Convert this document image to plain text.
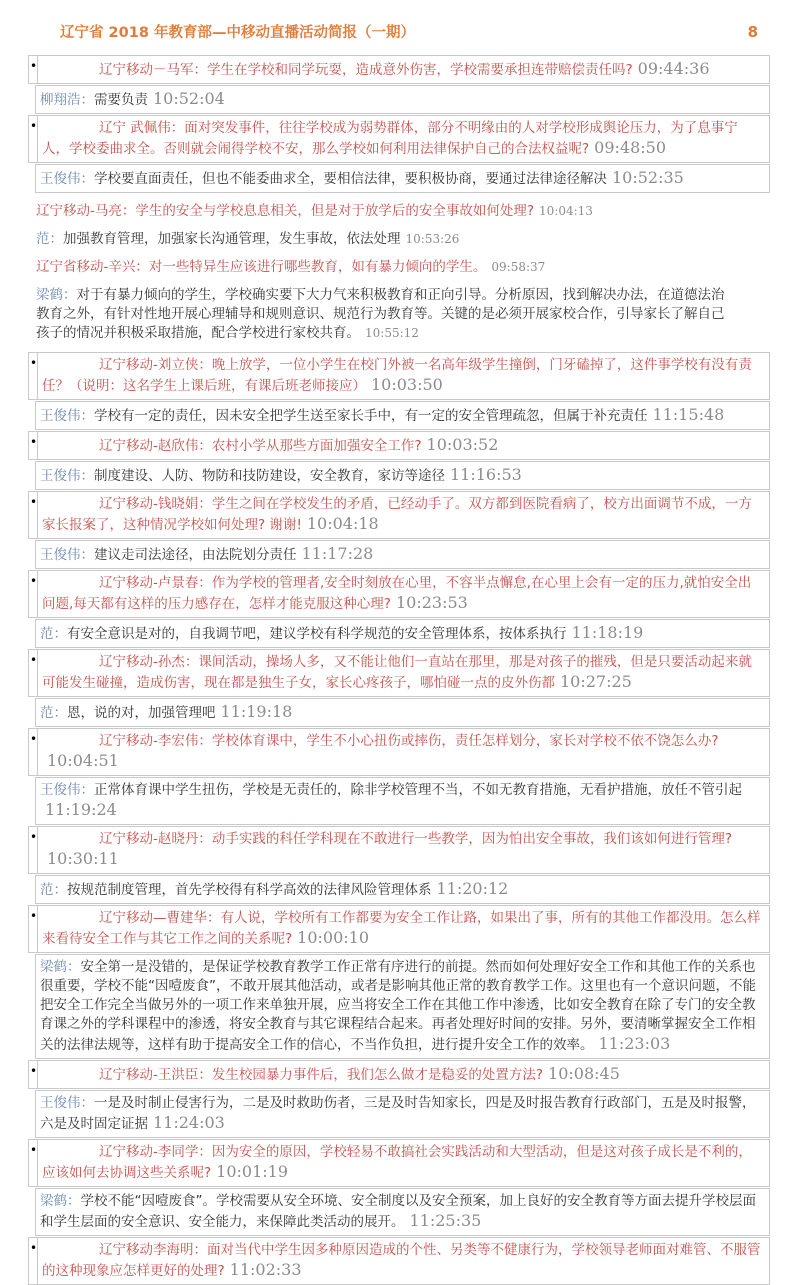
辽宁省 2018 年教育部—中移动直播活动简报（一期）	8
•	辽宁移动－马军：学生在学校和同学玩耍，造成意外伤害，学校需要承担连带赔偿责任吗? 09:44:36

柳翔浩：需要负责 10:52:04

•	辽宁 武佩伟：面对突发事件，往往学校成为弱势群体，部分不明缘由的人对学校形成舆论压力，为了息事宁人，学校委曲求全。否则就会闹得学校不安，那么学校如何利用法律保护自己的合法权益呢? 09:48:50

王俊伟：学校要直面责任，但也不能委曲求全，要相信法律，要积极协商，要通过法律途径解决 10:52:35

辽宁移动-马亮：学生的安全与学校息息相关，但是对于放学后的安全事故如何处理? 10:04:13

范：加强教育管理，加强家长沟通管理，发生事故，依法处理 10:53:26

辽宁省移动-辛兴：对一些特异生应该进行哪些教育，如有暴力倾向的学生。 09:58:37

梁鹤：对于有暴力倾向的学生，学校确实要下大力气来积极教育和正向引导。分析原因，找到解决办法，在道德法治教育之外，有针对性地开展心理辅导和规则意识、规范行为教育等。关键的是必须开展家校合作，引导家长了解自己孩子的情况并积极采取措施，配合学校进行家校共育。 10:55:12

•	辽宁移动-刘立侠：晚上放学，一位小学生在校门外被一名高年级学生撞倒，门牙磕掉了，这件事学校有没有责任？（说明：这名学生上课后班，有课后班老师接应） 10:03:50

王俊伟：学校有一定的责任，因未安全把学生送至家长手中，有一定的安全管理疏忽，但属于补充责任 11:15:48

•	辽宁移动-赵欣伟：农村小学从那些方面加强安全工作? 10:03:52

王俊伟：制度建设、人防、物防和技防建设，安全教育，家访等途径 11:16:53

•	辽宁移动-钱晓娟：学生之间在学校发生的矛盾，已经动手了。双方都到医院看病了，校方出面调节不成，一方家长报案了，这种情况学校如何处理? 谢谢! 10:04:18

王俊伟：建议走司法途径，由法院划分责任 11:17:28

•	辽宁移动-卢景春：作为学校的管理者,安全时刻放在心里，不容半点懈怠,在心里上会有一定的压力,就怕安全出问题,每天都有这样的压力感存在，怎样才能克服这种心理? 10:23:53

范：有安全意识是对的，自我调节吧，建议学校有科学规范的安全管理体系，按体系执行 11:18:19

•	辽宁移动-孙杰：课间活动，操场人多，又不能让他们一直站在那里，那是对孩子的摧残，但是只要活动起来就可能发生碰撞，造成伤害，现在都是独生子女，家长心疼孩子，哪怕碰一点的皮外伤都 10:27:25

范：恩，说的对，加强管理吧 11:19:18

•	辽宁移动-李宏伟：学校体育课中，学生不小心扭伤或摔伤，责任怎样划分，家长对学校不依不饶怎么办?10:04:51

王俊伟：正常体育课中学生扭伤，学校是无责任的，除非学校管理不当，不如无教育措施，无看护措施，放任不管引起11:19:24

•	辽宁移动-赵晓丹：动手实践的科任学科现在不敢进行一些教学，因为怕出安全事故，我们该如何进行管理?10:30:11

范：按规范制度管理，首先学校得有科学高效的法律风险管理体系 11:20:12

•	辽宁移动—曹建华：有人说，学校所有工作都要为安全工作让路，如果出了事，所有的其他工作都没用。怎么样来看待安全工作与其它工作之间的关系呢? 10:00:10

梁鹤：安全第一是没错的，是保证学校教育教学工作正常有序进行的前提。然而如何处理好安全工作和其他工作的关系也很重要，学校不能“因噎废食”，不敢开展其他活动，或者是影响其他正常的教育教学工作。这里也有一个意识问题，不能把安全工作完全当做另外的一项工作来单独开展，应当将安全工作在其他工作中渗透，比如安全教育在除了专门的安全教育课之外的学科课程中的渗透，将安全教育与其它课程结合起来。再者处理好时间的安排。另外，要清晰掌握安全工作相关的法律法规等，这样有助于提高安全工作的信心，不当作负担，进行提升安全工作的效率。 11:23:03

•	辽宁移动-王洪臣：发生校园暴力事件后，我们怎么做才是稳妥的处置方法? 10:08:45

王俊伟：一是及时制止侵害行为，二是及时救助伤者，三是及时告知家长，四是及时报告教育行政部门，五是及时报警，六是及时固定证据 11:24:03

•	辽宁移动-李同学：因为安全的原因，学校轻易不敢搞社会实践活动和大型活动，但是这对孩子成长是不利的，应该如何去协调这些关系呢? 10:01:19

梁鹤：学校不能“因噎废食”。学校需要从安全环境、安全制度以及安全预案，加上良好的安全教育等方面去提升学校层面和学生层面的安全意识、安全能力，来保障此类活动的展开。 11:25:35

•	辽宁移动李海明：面对当代中学生因多种原因造成的个性、另类等不健康行为，学校领导老师面对难管、不服管的这种现象应怎样更好的处理? 11:02:33
